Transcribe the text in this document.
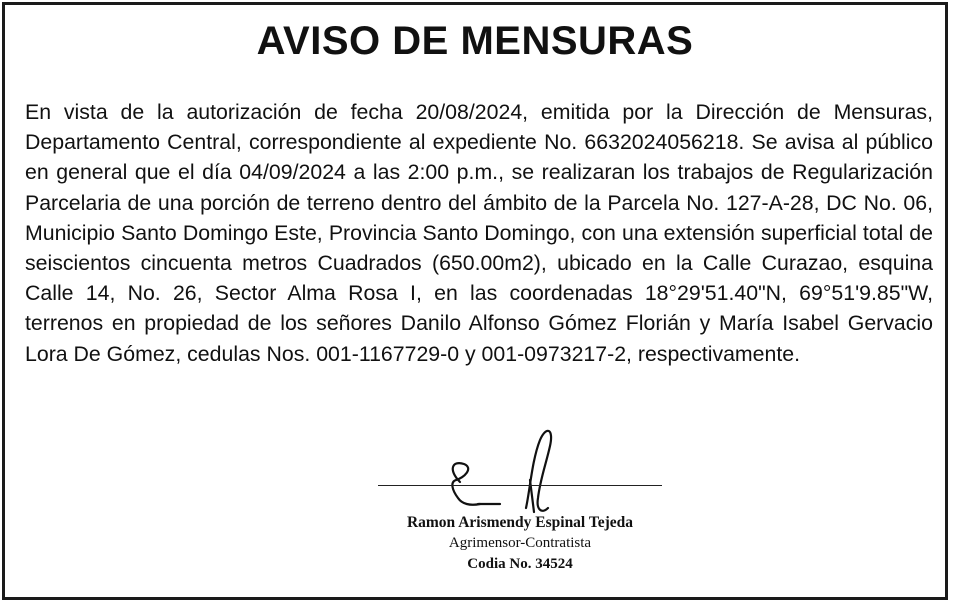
AVISO DE MENSURAS
En vista de la autorización de fecha 20/08/2024, emitida por la Dirección de Mensuras, Departamento Central, correspondiente al expediente No. 6632024056218. Se avisa al público en general que el día 04/09/2024 a las 2:00 p.m., se realizaran los trabajos de Regularización Parcelaria de una porción de terreno dentro del ámbito de la Parcela No. 127-A-28, DC No. 06, Municipio Santo Domingo Este, Provincia Santo Domingo, con una extensión superficial total de seiscientos cincuenta metros Cuadrados (650.00m2), ubicado en la Calle Curazao, esquina Calle 14, No. 26, Sector Alma Rosa I, en las coordenadas 18°29'51.40"N, 69°51'9.85"W, terrenos en propiedad de los señores Danilo Alfonso Gómez Florián y María Isabel Gervacio Lora De Gómez, cedulas Nos. 001-1167729-0 y 001-0973217-2, respectivamente.
Ramon Arismendy Espinal Tejeda
Agrimensor-Contratista
Codia No. 34524
